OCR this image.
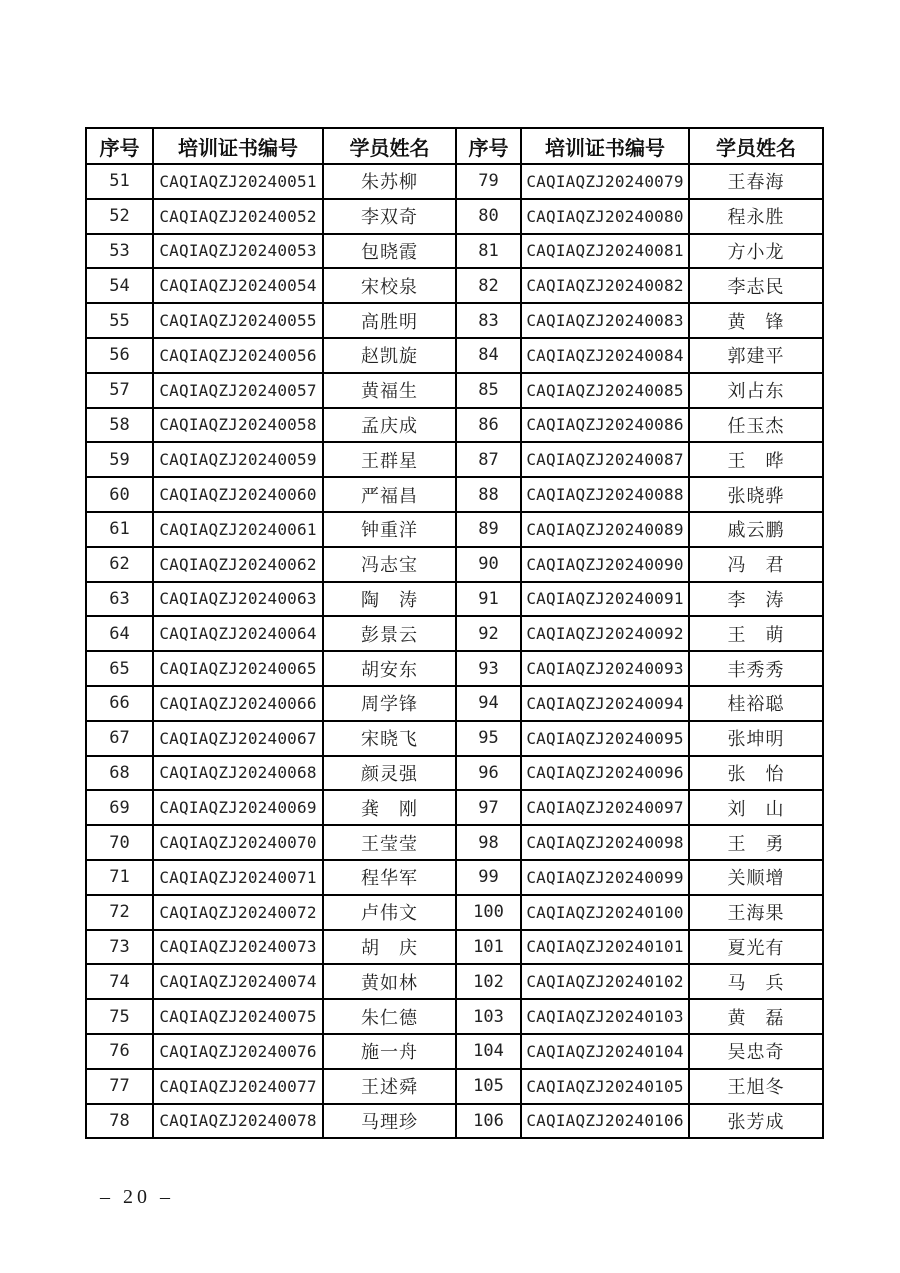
序号	培训证书编号	学员姓名	序号	培训证书编号	学员姓名
51	CAQIAQZJ20240051	朱苏柳	79	CAQIAQZJ20240079	王春海
52	CAQIAQZJ20240052	李双奇	80	CAQIAQZJ20240080	程永胜
53	CAQIAQZJ20240053	包晓霞	81	CAQIAQZJ20240081	方小龙
54	CAQIAQZJ20240054	宋校泉	82	CAQIAQZJ20240082	李志民
55	CAQIAQZJ20240055	高胜明	83	CAQIAQZJ20240083	黄　锋
56	CAQIAQZJ20240056	赵凯旋	84	CAQIAQZJ20240084	郭建平
57	CAQIAQZJ20240057	黄福生	85	CAQIAQZJ20240085	刘占东
58	CAQIAQZJ20240058	孟庆成	86	CAQIAQZJ20240086	任玉杰
59	CAQIAQZJ20240059	王群星	87	CAQIAQZJ20240087	王　晔
60	CAQIAQZJ20240060	严福昌	88	CAQIAQZJ20240088	张晓骅
61	CAQIAQZJ20240061	钟重洋	89	CAQIAQZJ20240089	戚云鹏
62	CAQIAQZJ20240062	冯志宝	90	CAQIAQZJ20240090	冯　君
63	CAQIAQZJ20240063	陶　涛	91	CAQIAQZJ20240091	李　涛
64	CAQIAQZJ20240064	彭景云	92	CAQIAQZJ20240092	王　萌
65	CAQIAQZJ20240065	胡安东	93	CAQIAQZJ20240093	丰秀秀
66	CAQIAQZJ20240066	周学锋	94	CAQIAQZJ20240094	桂裕聪
67	CAQIAQZJ20240067	宋晓飞	95	CAQIAQZJ20240095	张坤明
68	CAQIAQZJ20240068	颜灵强	96	CAQIAQZJ20240096	张　怡
69	CAQIAQZJ20240069	龚　刚	97	CAQIAQZJ20240097	刘　山
70	CAQIAQZJ20240070	王莹莹	98	CAQIAQZJ20240098	王　勇
71	CAQIAQZJ20240071	程华军	99	CAQIAQZJ20240099	关顺增
72	CAQIAQZJ20240072	卢伟文	100	CAQIAQZJ20240100	王海果
73	CAQIAQZJ20240073	胡　庆	101	CAQIAQZJ20240101	夏光有
74	CAQIAQZJ20240074	黄如林	102	CAQIAQZJ20240102	马　兵
75	CAQIAQZJ20240075	朱仁德	103	CAQIAQZJ20240103	黄　磊
76	CAQIAQZJ20240076	施一舟	104	CAQIAQZJ20240104	吴忠奇
77	CAQIAQZJ20240077	王述舜	105	CAQIAQZJ20240105	王旭冬
78	CAQIAQZJ20240078	马理珍	106	CAQIAQZJ20240106	张芳成
– 20 –
